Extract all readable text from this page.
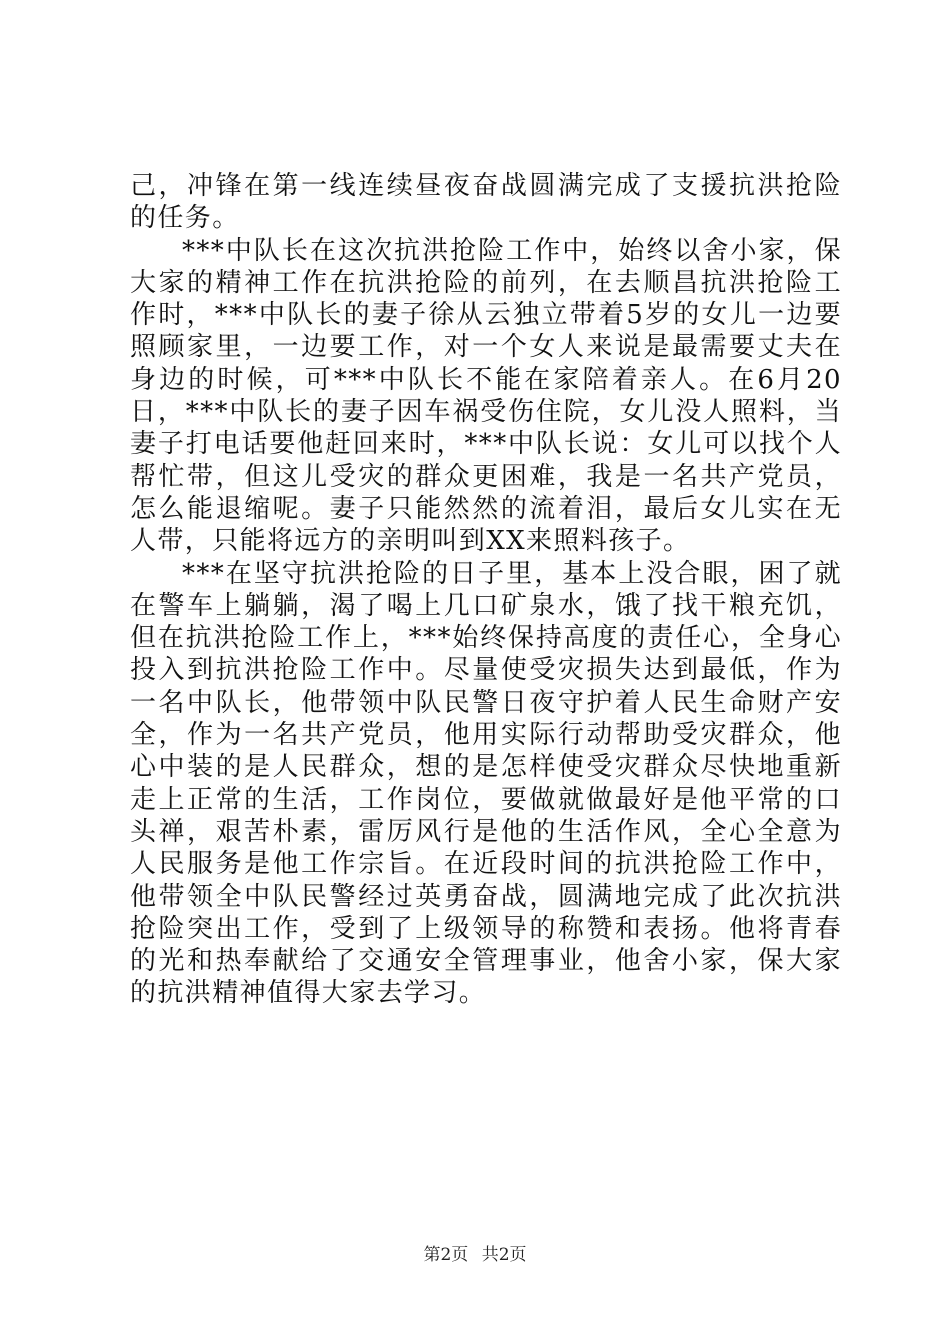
己，冲锋在第一线连续昼夜奋战圆满完成了支援抗洪抢险的任务。

***中队长在这次抗洪抢险工作中，始终以舍小家，保大家的精神工作在抗洪抢险的前列，在去顺昌抗洪抢险工作时，***中队长的妻子徐从云独立带着5岁的女儿一边要照顾家里，一边要工作，对一个女人来说是最需要丈夫在身边的时候，可***中队长不能在家陪着亲人。在6月20日，***中队长的妻子因车祸受伤住院，女儿没人照料，当妻子打电话要他赶回来时，***中队长说：女儿可以找个人帮忙带，但这儿受灾的群众更困难，我是一名共产党员，怎么能退缩呢。妻子只能然然的流着泪，最后女儿实在无人带，只能将远方的亲明叫到XX来照料孩子。

***在坚守抗洪抢险的日子里，基本上没合眼，困了就在警车上躺躺，渴了喝上几口矿泉水，饿了找干粮充饥，但在抗洪抢险工作上，***始终保持高度的责任心，全身心投入到抗洪抢险工作中。尽量使受灾损失达到最低，作为一名中队长，他带领中队民警日夜守护着人民生命财产安全，作为一名共产党员，他用实际行动帮助受灾群众，他心中装的是人民群众，想的是怎样使受灾群众尽快地重新走上正常的生活，工作岗位，要做就做最好是他平常的口头禅，艰苦朴素，雷厉风行是他的生活作风，全心全意为人民服务是他工作宗旨。在近段时间的抗洪抢险工作中，他带领全中队民警经过英勇奋战，圆满地完成了此次抗洪抢险突出工作，受到了上级领导的称赞和表扬。他将青春的光和热奉献给了交通安全管理事业，他舍小家，保大家的抗洪精神值得大家去学习。

第2页 共2页
